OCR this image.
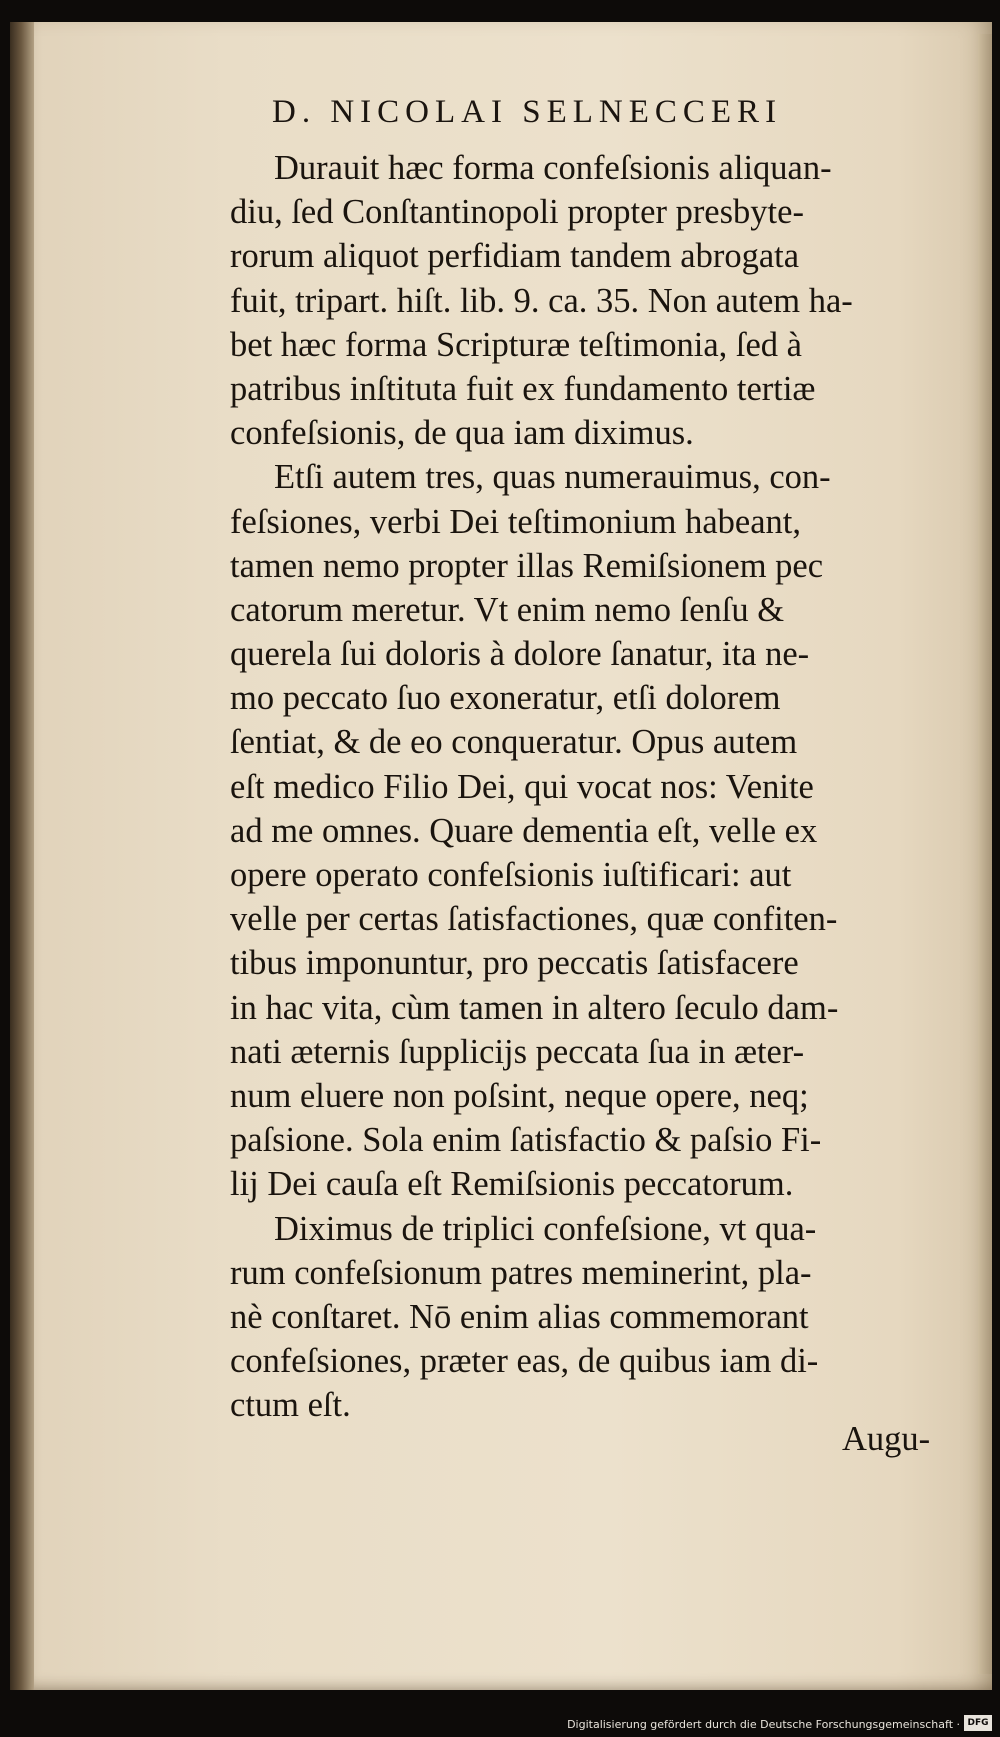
D. NICOLAI SELNECCERI
Durauit hæc forma confeſsionis aliquan-
diu, ſed Conſtantinopoli propter presbyte-
rorum aliquot perfidiam tandem abrogata
fuit, tripart. hiſt. lib. 9. ca. 35. Non autem ha-
bet hæc forma Scripturæ teſtimonia, ſed à
patribus inſtituta fuit ex fundamento tertiæ
confeſsionis, de qua iam diximus.
Etſi autem tres, quas numerauimus, con-
feſsiones, verbi Dei teſtimonium habeant,
tamen nemo propter illas Remiſsionem pec
catorum meretur. Vt enim nemo ſenſu &
querela ſui doloris à dolore ſanatur, ita ne-
mo peccato ſuo exoneratur, etſi dolorem
ſentiat, & de eo conqueratur. Opus autem
eſt medico Filio Dei, qui vocat nos: Venite
ad me omnes. Quare dementia eſt, velle ex
opere operato confeſsionis iuſtificari: aut
velle per certas ſatisfactiones, quæ confiten-
tibus imponuntur, pro peccatis ſatisfacere
in hac vita, cùm tamen in altero ſeculo dam-
nati æternis ſupplicijs peccata ſua in æter-
num eluere non poſsint, neque opere, neq;
paſsione. Sola enim ſatisfactio & paſsio Fi-
lij Dei cauſa eſt Remiſsionis peccatorum.
Diximus de triplici confeſsione, vt qua-
rum confeſsionum patres meminerint, pla-
nè conſtaret. Nō enim alias commemorant
confeſsiones, præter eas, de quibus iam di-
ctum eſt.
Augu-
Digitalisierung gefördert durch die Deutsche Forschungsgemeinschaft · DFG
